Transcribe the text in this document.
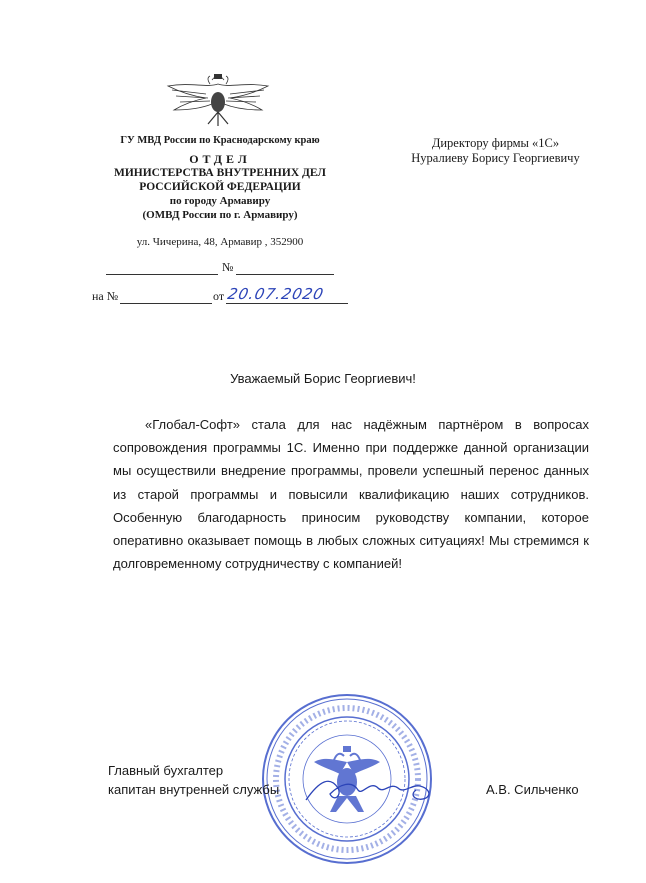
ГУ МВД России по Краснодарскому краю
ОТДЕЛ
МИНИСТЕРСТВА ВНУТРЕННИХ ДЕЛ
РОССИЙСКОЙ ФЕДЕРАЦИИ
по городу Армавиру
(ОМВД России по г. Армавиру)
ул. Чичерина, 48, Армавир , 352900
№
на №	от 20.07.2020
Директору фирмы «1С»
Нуралиеву Борису Георгиевичу
Уважаемый Борис Георгиевич!
«Глобал-Софт» стала для нас надёжным партнёром в вопросах сопровождения программы 1С. Именно при поддержке данной организации мы осуществили внедрение программы, провели успешный перенос данных из старой программы и повысили квалификацию наших сотрудников. Особенную благодарность приносим руководству компании, которое оперативно оказывает помощь в любых сложных ситуациях! Мы стремимся к долговременному сотрудничеству с компанией!
Главный бухгалтер
капитан внутренней службы	А.В. Сильченко
